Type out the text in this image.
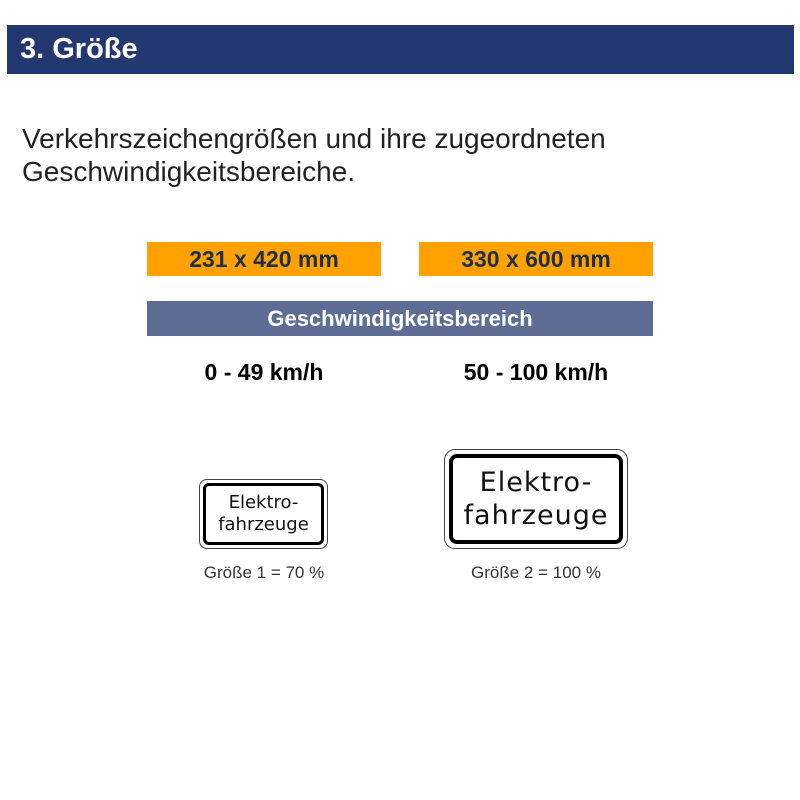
3. Größe
Verkehrszeichengrößen und ihre zugeordneten
Geschwindigkeitsbereiche.
231 x 420 mm	330 x 600 mm
Geschwindigkeitsbereich
0 - 49 km/h	50 - 100 km/h
Elektro-
fahrzeuge
Elektro-
fahrzeuge
Größe 1 = 70 %	Größe 2 = 100 %
